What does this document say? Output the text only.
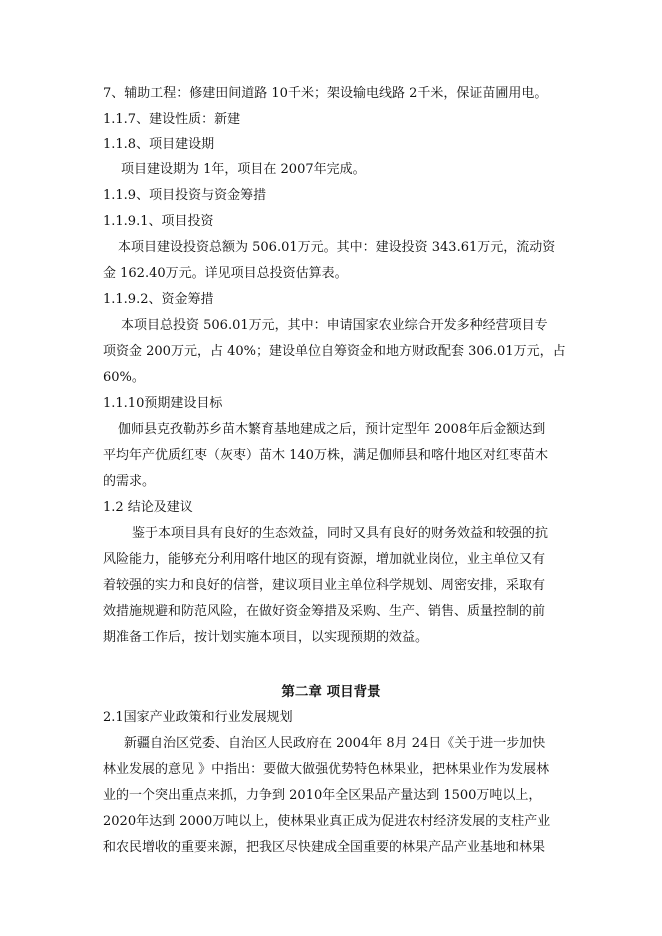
7、辅助工程：修建田间道路 10千米；架设输电线路 2千米，保证苗圃用电。
1.1.7、建设性质：新建
1.1.8、项目建设期
项目建设期为 1年，项目在 2007年完成。
1.1.9、项目投资与资金筹措
1.1.9.1、项目投资
本项目建设投资总额为 506.01万元。其中：建设投资 343.61万元，流动资
金 162.40万元。详见项目总投资估算表。
1.1.9.2、资金筹措
本项目总投资 506.01万元，其中：申请国家农业综合开发多种经营项目专
项资金 200万元，占 40%；建设单位自筹资金和地方财政配套 306.01万元，占
60%。
1.1.10预期建设目标
伽师县克孜勒苏乡苗木繁育基地建成之后，预计定型年 2008年后金额达到
平均年产优质红枣（灰枣）苗木 140万株，满足伽师县和喀什地区对红枣苗木
的需求。
1.2 结论及建议
鉴于本项目具有良好的生态效益，同时又具有良好的财务效益和较强的抗
风险能力，能够充分利用喀什地区的现有资源，增加就业岗位，业主单位又有
着较强的实力和良好的信誉，建议项目业主单位科学规划、周密安排，采取有
效措施规避和防范风险，在做好资金筹措及采购、生产、销售、质量控制的前
期准备工作后，按计划实施本项目，以实现预期的效益。
第二章 项目背景
2.1国家产业政策和行业发展规划
新疆自治区党委、自治区人民政府在 2004年 8月 24日《关于进一步加快
林业发展的意见 》中指出：要做大做强优势特色林果业，把林果业作为发展林
业的一个突出重点来抓，力争到 2010年全区果品产量达到 1500万吨以上，
2020年达到 2000万吨以上，使林果业真正成为促进农村经济发展的支柱产业
和农民增收的重要来源，把我区尽快建成全国重要的林果产品产业基地和林果
